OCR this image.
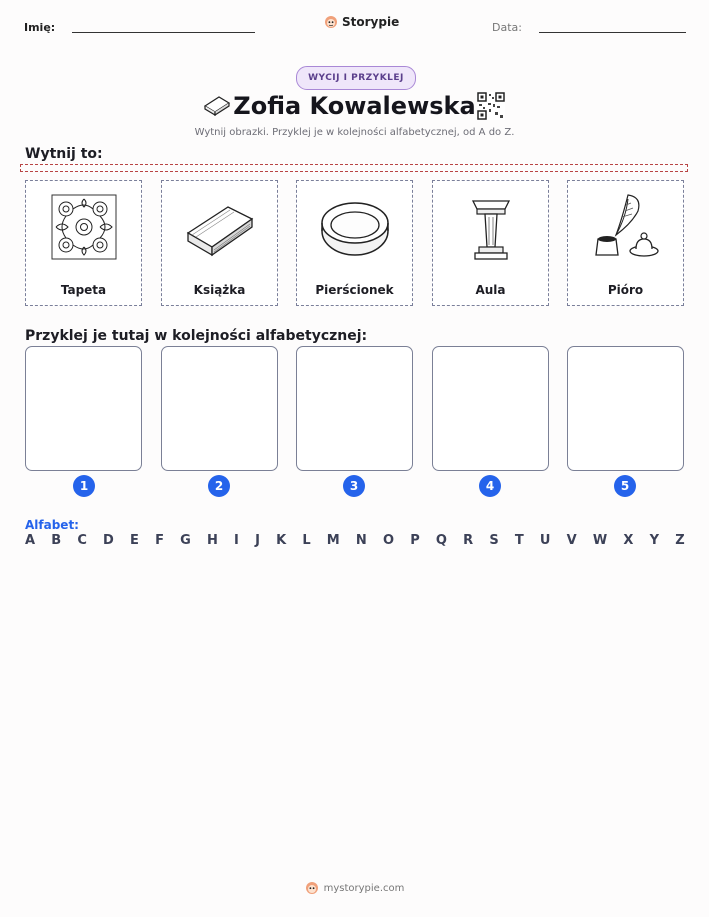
Imię:	Storypie	Data:
WYCIJ I PRZYKLEJ
Zofia Kowalewska
Wytnij obrazki. Przyklej je w kolejności alfabetycznej, od A do Z.
Wytnij to:
Tapeta	Książka	Pierścionek	Aula	Pióro
Przyklej je tutaj w kolejności alfabetycznej:
1	2	3	4	5
Alfabet:
A B C D E F G H I J K L M N O P Q R S T U V W X Y Z
mystorypie.com
